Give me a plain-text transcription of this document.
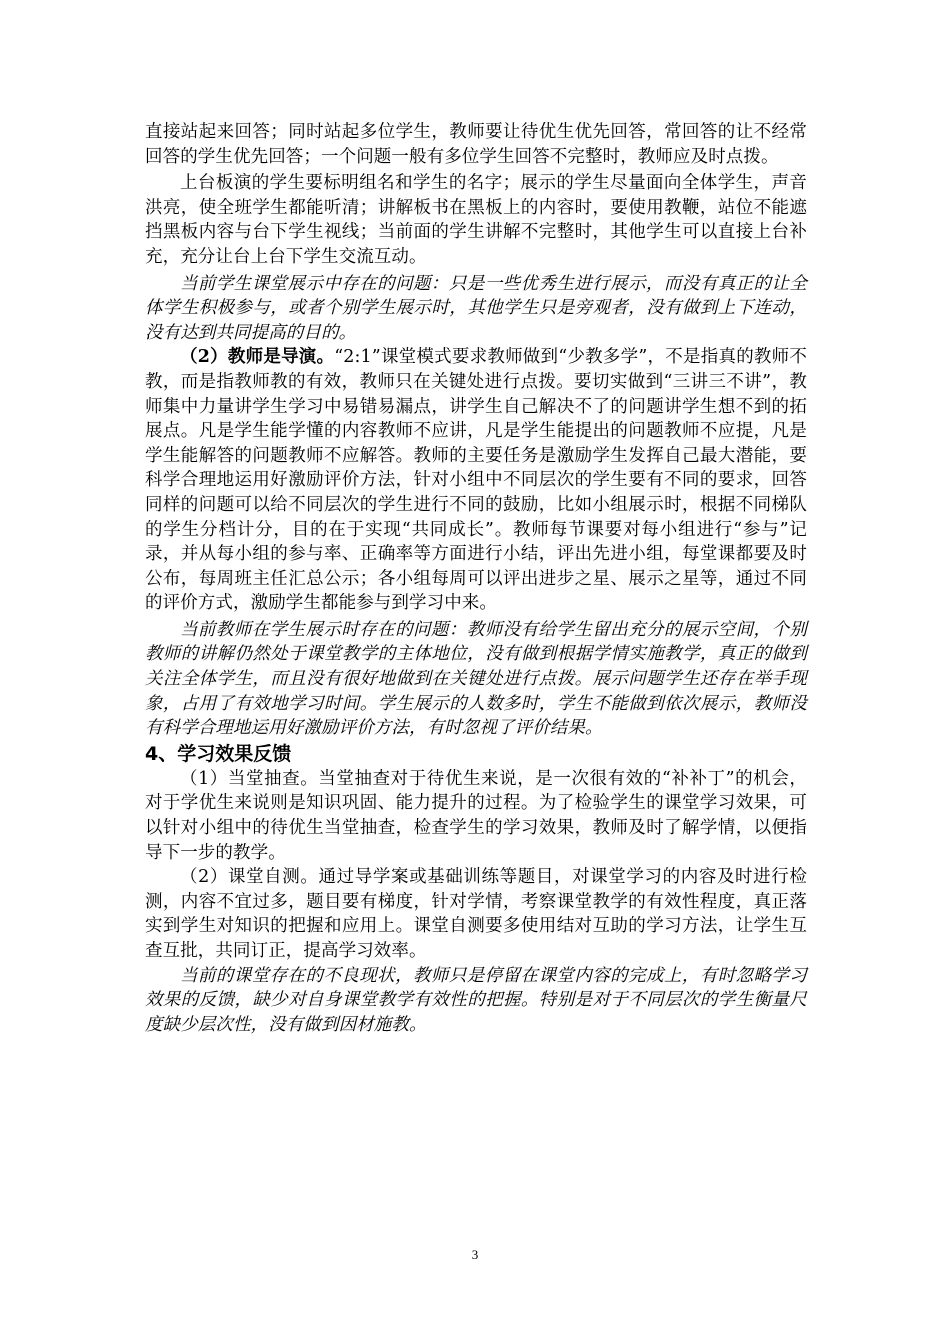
直接站起来回答；同时站起多位学生，教师要让待优生优先回答，常回答的让不经常回答的学生优先回答；一个问题一般有多位学生回答不完整时，教师应及时点拨。

上台板演的学生要标明组名和学生的名字；展示的学生尽量面向全体学生，声音洪亮，使全班学生都能听清；讲解板书在黑板上的内容时，要使用教鞭，站位不能遮挡黑板内容与台下学生视线；当前面的学生讲解不完整时，其他学生可以直接上台补充，充分让台上台下学生交流互动。

当前学生课堂展示中存在的问题：只是一些优秀生进行展示，而没有真正的让全体学生积极参与，或者个别学生展示时，其他学生只是旁观者，没有做到上下连动，没有达到共同提高的目的。

（2）教师是导演。“2:1”课堂模式要求教师做到“少教多学”，不是指真的教师不教，而是指教师教的有效，教师只在关键处进行点拨。要切实做到“三讲三不讲”，教师集中力量讲学生学习中易错易漏点，讲学生自己解决不了的问题讲学生想不到的拓展点。凡是学生能学懂的内容教师不应讲，凡是学生能提出的问题教师不应提，凡是学生能解答的问题教师不应解答。教师的主要任务是激励学生发挥自己最大潜能，要科学合理地运用好激励评价方法，针对小组中不同层次的学生要有不同的要求，回答同样的问题可以给不同层次的学生进行不同的鼓励，比如小组展示时，根据不同梯队的学生分档计分，目的在于实现“共同成长”。教师每节课要对每小组进行“参与”记录，并从每小组的参与率、正确率等方面进行小结，评出先进小组，每堂课都要及时公布，每周班主任汇总公示；各小组每周可以评出进步之星、展示之星等，通过不同的评价方式，激励学生都能参与到学习中来。

当前教师在学生展示时存在的问题：教师没有给学生留出充分的展示空间，个别教师的讲解仍然处于课堂教学的主体地位，没有做到根据学情实施教学，真正的做到关注全体学生，而且没有很好地做到在关键处进行点拨。展示问题学生还存在举手现象，占用了有效地学习时间。学生展示的人数多时，学生不能做到依次展示，教师没有科学合理地运用好激励评价方法，有时忽视了评价结果。

4、学习效果反馈

（1）当堂抽查。当堂抽查对于待优生来说，是一次很有效的“补补丁”的机会，对于学优生来说则是知识巩固、能力提升的过程。为了检验学生的课堂学习效果，可以针对小组中的待优生当堂抽查，检查学生的学习效果，教师及时了解学情，以便指导下一步的教学。

（2）课堂自测。通过导学案或基础训练等题目，对课堂学习的内容及时进行检测，内容不宜过多，题目要有梯度，针对学情，考察课堂教学的有效性程度，真正落实到学生对知识的把握和应用上。课堂自测要多使用结对互助的学习方法，让学生互查互批，共同订正，提高学习效率。

当前的课堂存在的不良现状，教师只是停留在课堂内容的完成上，有时忽略学习效果的反馈，缺少对自身课堂教学有效性的把握。特别是对于不同层次的学生衡量尺度缺少层次性，没有做到因材施教。

3
